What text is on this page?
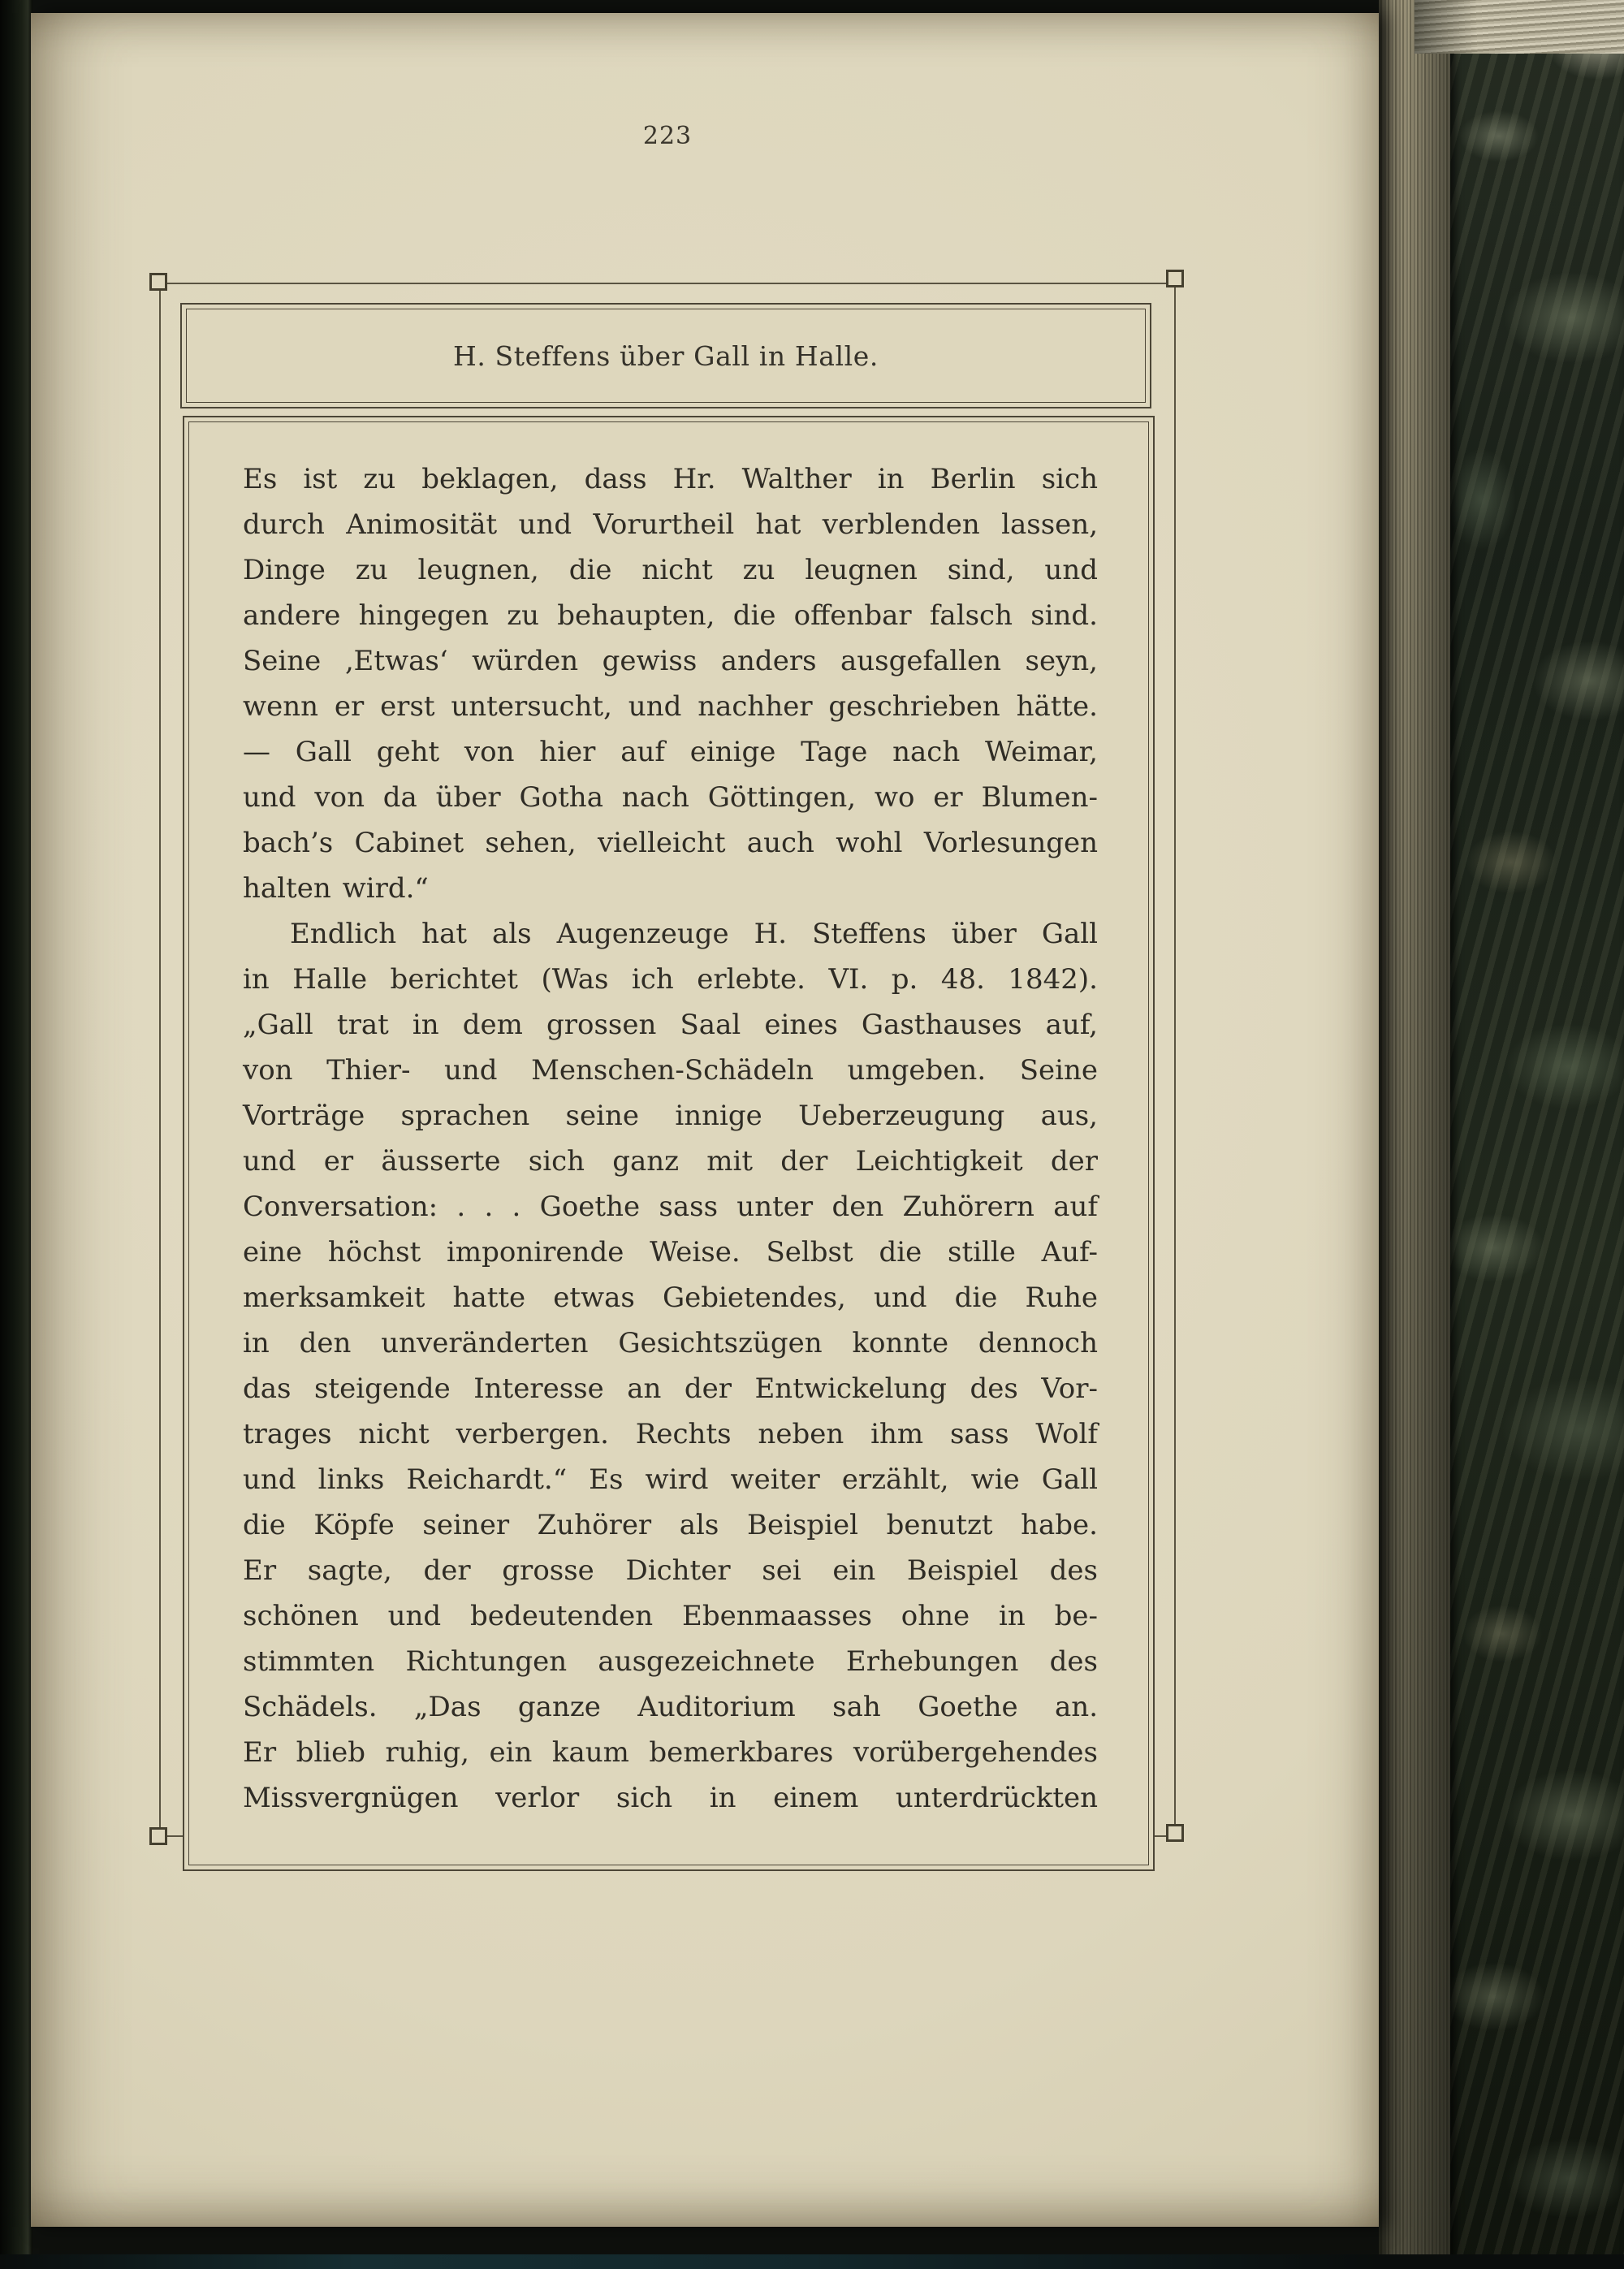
223
H. Steffens über Gall in Halle.
Es ist zu beklagen, dass Hr. Walther in Berlin sich
durch Animosität und Vorurtheil hat verblenden lassen,
Dinge zu leugnen, die nicht zu leugnen sind, und
andere hingegen zu behaupten, die offenbar falsch sind.
Seine ‚Etwas‘ würden gewiss anders ausgefallen seyn,
wenn er erst untersucht, und nachher geschrieben hätte.
— Gall geht von hier auf einige Tage nach Weimar,
und von da über Gotha nach Göttingen, wo er Blumen-
bach’s Cabinet sehen, vielleicht auch wohl Vorlesungen
halten wird.“
Endlich hat als Augenzeuge H. Steffens über Gall
in Halle berichtet (Was ich erlebte. VI. p. 48. 1842).
„Gall trat in dem grossen Saal eines Gasthauses auf,
von Thier- und Menschen-Schädeln umgeben. Seine
Vorträge sprachen seine innige Ueberzeugung aus,
und er äusserte sich ganz mit der Leichtigkeit der
Conversation: . . . Goethe sass unter den Zuhörern auf
eine höchst imponirende Weise. Selbst die stille Auf-
merksamkeit hatte etwas Gebietendes, und die Ruhe
in den unveränderten Gesichtszügen konnte dennoch
das steigende Interesse an der Entwickelung des Vor-
trages nicht verbergen. Rechts neben ihm sass Wolf
und links Reichardt.“ Es wird weiter erzählt, wie Gall
die Köpfe seiner Zuhörer als Beispiel benutzt habe.
Er sagte, der grosse Dichter sei ein Beispiel des
schönen und bedeutenden Ebenmaasses ohne in be-
stimmten Richtungen ausgezeichnete Erhebungen des
Schädels. „Das ganze Auditorium sah Goethe an.
Er blieb ruhig, ein kaum bemerkbares vorübergehendes
Missvergnügen verlor sich in einem unterdrückten
